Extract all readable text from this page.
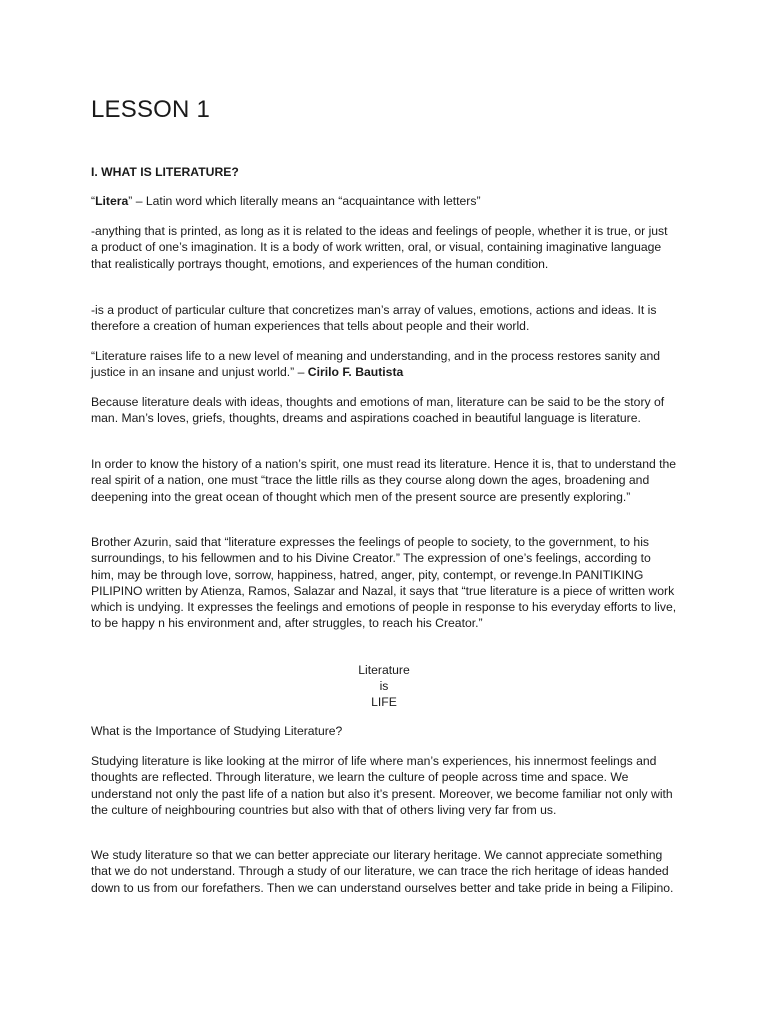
LESSON 1
I. WHAT IS LITERATURE?

“Litera” – Latin word which literally means an “acquaintance with letters”

-anything that is printed, as long as it is related to the ideas and feelings of people, whether it is true, or just a product of one’s imagination. It is a body of work written, oral, or visual, containing imaginative language that realistically portrays thought, emotions, and experiences of the human condition.

-is a product of particular culture that concretizes man’s array of values, emotions, actions and ideas. It is therefore a creation of human experiences that tells about people and their world.

“Literature raises life to a new level of meaning and understanding, and in the process restores sanity and justice in an insane and unjust world.” – Cirilo F. Bautista

Because literature deals with ideas, thoughts and emotions of man, literature can be said to be the story of man. Man’s loves, griefs, thoughts, dreams and aspirations coached in beautiful language is literature.

In order to know the history of a nation’s spirit, one must read its literature. Hence it is, that to understand the real spirit of a nation, one must “trace the little rills as they course along down the ages, broadening and deepening into the great ocean of thought which men of the present source are presently exploring.”

Brother Azurin, said that “literature expresses the feelings of people to society, to the government, to his surroundings, to his fellowmen and to his Divine Creator.” The expression of one’s feelings, according to him, may be through love, sorrow, happiness, hatred, anger, pity, contempt, or revenge.In PANITIKING PILIPINO written by Atienza, Ramos, Salazar and Nazal, it says that “true literature is a piece of written work which is undying. It expresses the feelings and emotions of people in response to his everyday efforts to live, to be happy n his environment and, after struggles, to reach his Creator.”

Literature

is

LIFE

What is the Importance of Studying Literature?

Studying literature is like looking at the mirror of life where man’s experiences, his innermost feelings and thoughts are reflected. Through literature, we learn the culture of people across time and space. We understand not only the past life of a nation but also it’s present. Moreover, we become familiar not only with the culture of neighbouring countries but also with that of others living very far from us.

We study literature so that we can better appreciate our literary heritage. We cannot appreciate something that we do not understand. Through a study of our literature, we can trace the rich heritage of ideas handed down to us from our forefathers. Then we can understand ourselves better and take pride in being a Filipino.
